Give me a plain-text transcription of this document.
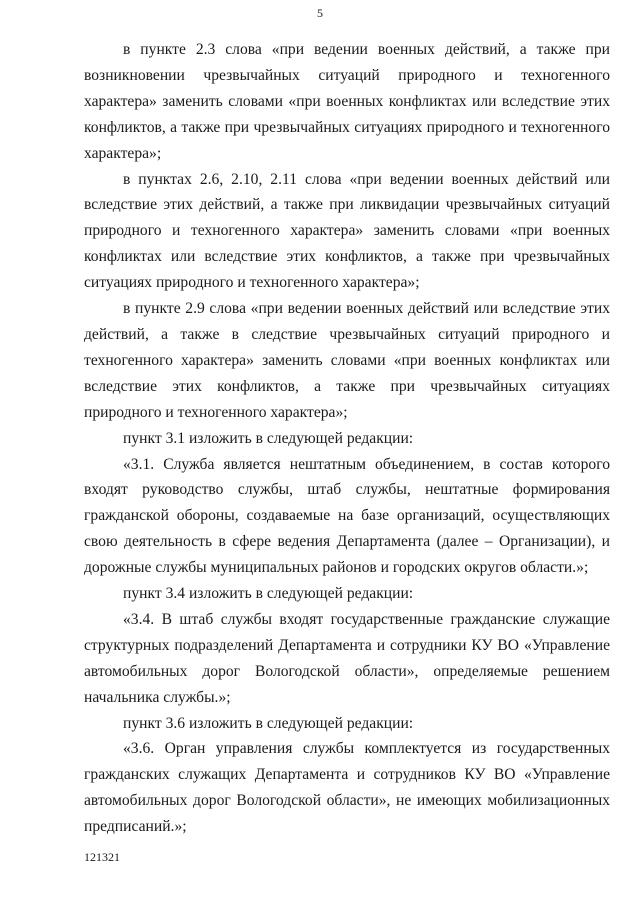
5

в пункте 2.3 слова «при ведении военных действий, а также при возникновении чрезвычайных ситуаций природного и техногенного характера» заменить словами «при военных конфликтах или вследствие этих конфликтов, а также при чрезвычайных ситуациях природного и техногенного характера»;

в пунктах 2.6, 2.10, 2.11 слова «при ведении военных действий или вследствие этих действий, а также при ликвидации чрезвычайных ситуаций природного и техногенного характера» заменить словами «при военных конфликтах или вследствие этих конфликтов, а также при чрезвычайных ситуациях природного и техногенного характера»;

в пункте 2.9 слова «при ведении военных действий или вследствие этих действий, а также в следствие чрезвычайных ситуаций природного и техногенного характера» заменить словами «при военных конфликтах или вследствие этих конфликтов, а также при чрезвычайных ситуациях природного и техногенного характера»;

пункт 3.1 изложить в следующей редакции:

«3.1. Служба является нештатным объединением, в состав которого входят руководство службы, штаб службы, нештатные формирования гражданской обороны, создаваемые на базе организаций, осуществляющих свою деятельность в сфере ведения Департамента (далее – Организации), и дорожные службы муниципальных районов и городских округов области.»;

пункт 3.4 изложить в следующей редакции:

«3.4. В штаб службы входят государственные гражданские служащие структурных подразделений Департамента и сотрудники КУ ВО «Управление автомобильных дорог Вологодской области», определяемые решением начальника службы.»;

пункт 3.6 изложить в следующей редакции:

«3.6. Орган управления службы комплектуется из государственных гражданских служащих Департамента и сотрудников КУ ВО «Управление автомобильных дорог Вологодской области», не имеющих мобилизационных предписаний.»;

121321
